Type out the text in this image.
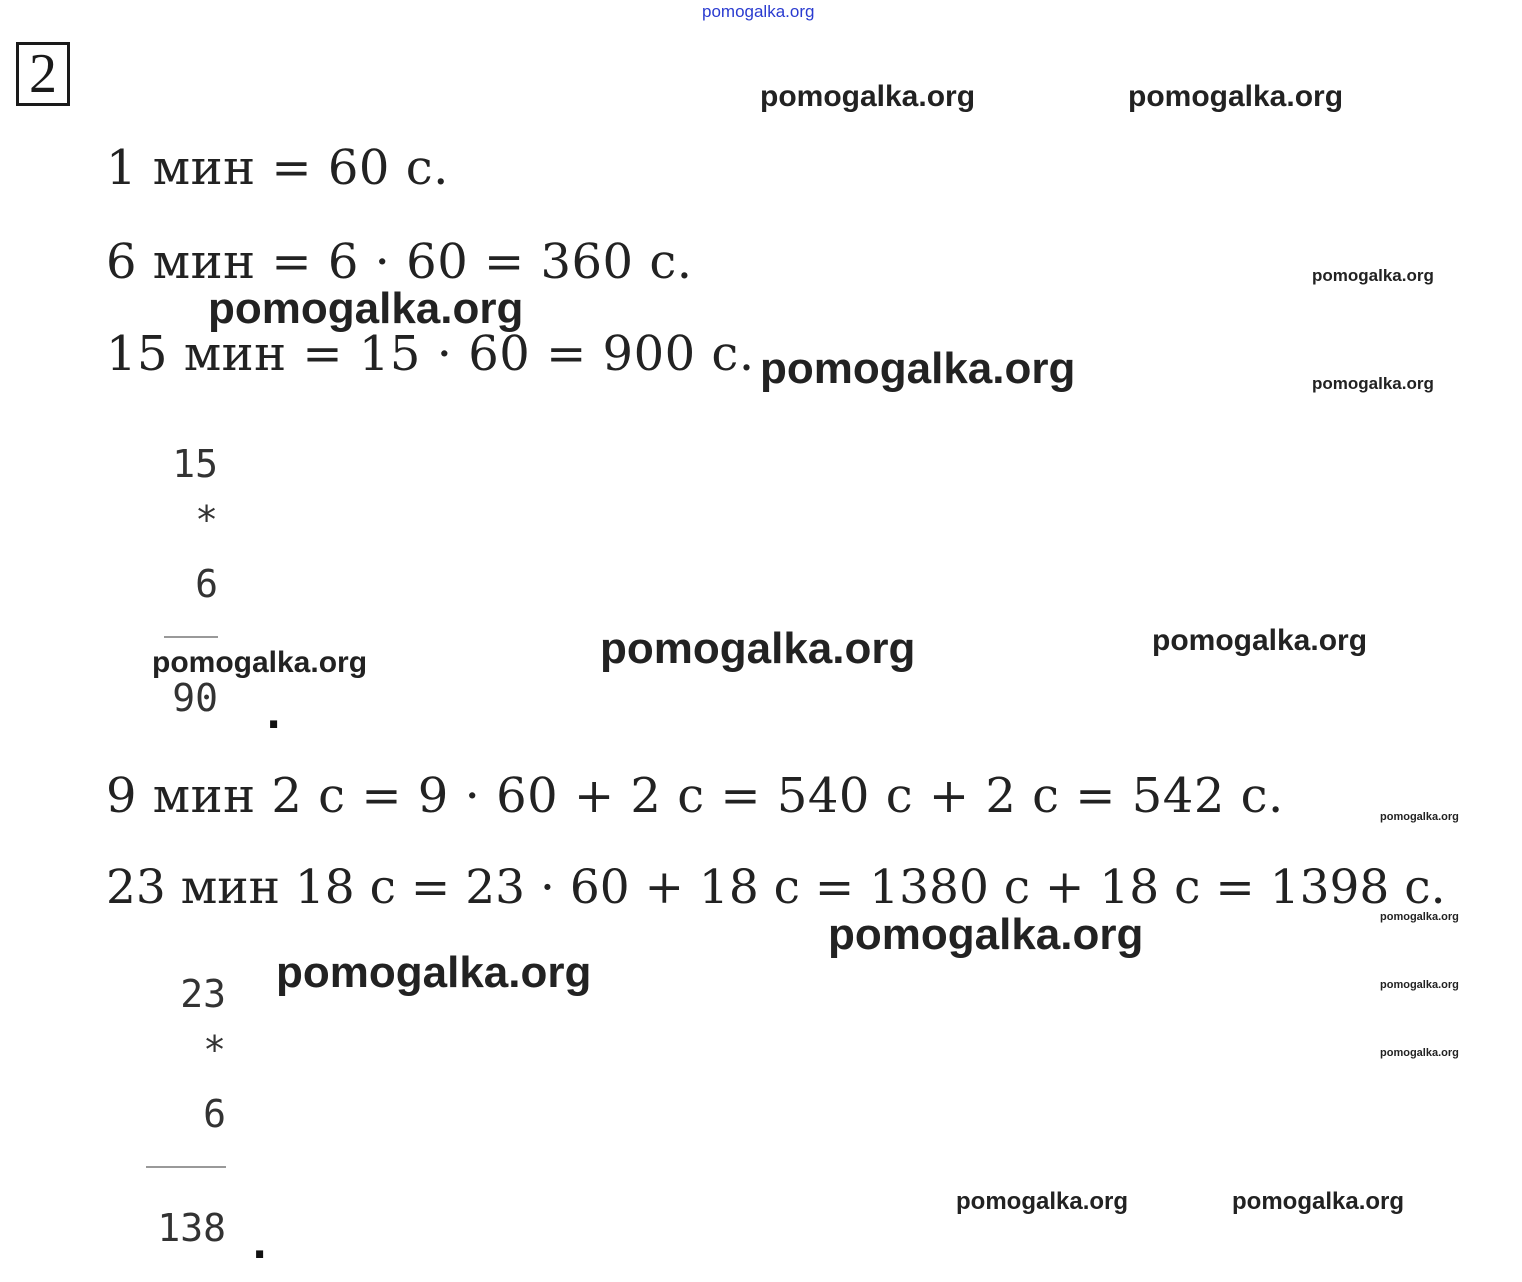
pomogalka.org
2
1 мин = 60 с.
6 мин = 6 · 60 = 360 с.
15 мин = 15 · 60 = 900 с.
9 мин 2 с = 9 · 60 + 2 с = 540 с + 2 с = 542 с.
23 мин 18 с = 23 · 60 + 18 с = 1380 с + 18 с = 1398 с.
15
*
6
90 .
23
*
6
138 .
pomogalka.org	pomogalka.org
pomogalka.org
pomogalka.org
pomogalka.org	pomogalka.org
pomogalka.org	pomogalka.org
pomogalka.org
pomogalka.org
pomogalka.org
pomogalka.org
pomogalka.org	pomogalka.org
pomogalka.org
pomogalka.org	pomogalka.org
